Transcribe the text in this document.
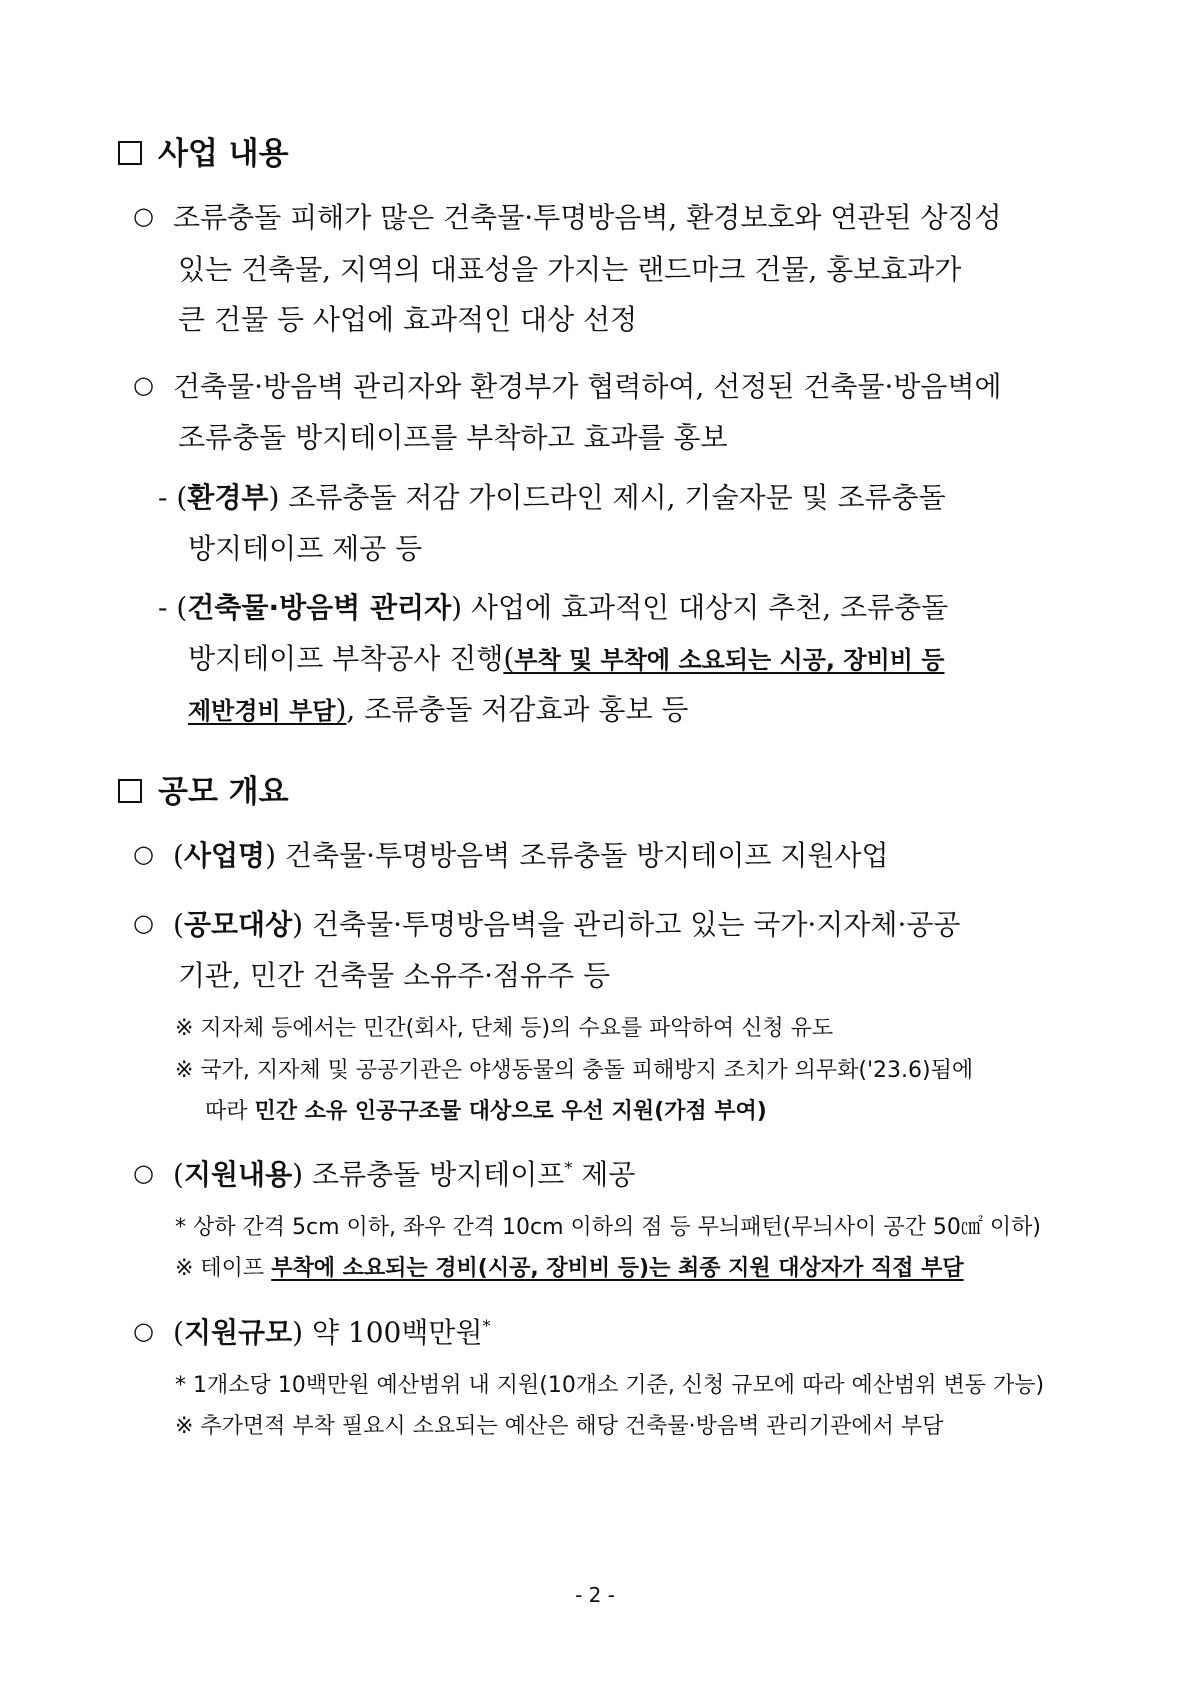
사업 내용
○ 조류충돌 피해가 많은 건축물·투명방음벽, 환경보호와 연관된 상징성
있는 건축물, 지역의 대표성을 가지는 랜드마크 건물, 홍보효과가
큰 건물 등 사업에 효과적인 대상 선정
○ 건축물·방음벽 관리자와 환경부가 협력하여, 선정된 건축물·방음벽에
조류충돌 방지테이프를 부착하고 효과를 홍보
- (환경부) 조류충돌 저감 가이드라인 제시, 기술자문 및 조류충돌
방지테이프 제공 등
- (건축물·방음벽 관리자) 사업에 효과적인 대상지 추천, 조류충돌
방지테이프 부착공사 진행(부착 및 부착에 소요되는 시공, 장비비 등
제반경비 부담), 조류충돌 저감효과 홍보 등
공모 개요
○ (사업명) 건축물·투명방음벽 조류충돌 방지테이프 지원사업
○ (공모대상) 건축물·투명방음벽을 관리하고 있는 국가·지자체·공공
기관, 민간 건축물 소유주·점유주 등
※ 지자체 등에서는 민간(회사, 단체 등)의 수요를 파악하여 신청 유도
※ 국가, 지자체 및 공공기관은 야생동물의 충돌 피해방지 조치가 의무화('23.6)됨에
따라 민간 소유 인공구조물 대상으로 우선 지원(가점 부여)
○ (지원내용) 조류충돌 방지테이프* 제공
* 상하 간격 5cm 이하, 좌우 간격 10cm 이하의 점 등 무늬패턴(무늬사이 공간 50㎠ 이하)
※ 테이프 부착에 소요되는 경비(시공, 장비비 등)는 최종 지원 대상자가 직접 부담
○ (지원규모) 약 100백만원*
* 1개소당 10백만원 예산범위 내 지원(10개소 기준, 신청 규모에 따라 예산범위 변동 가능)
※ 추가면적 부착 필요시 소요되는 예산은 해당 건축물·방음벽 관리기관에서 부담
- 2 -
